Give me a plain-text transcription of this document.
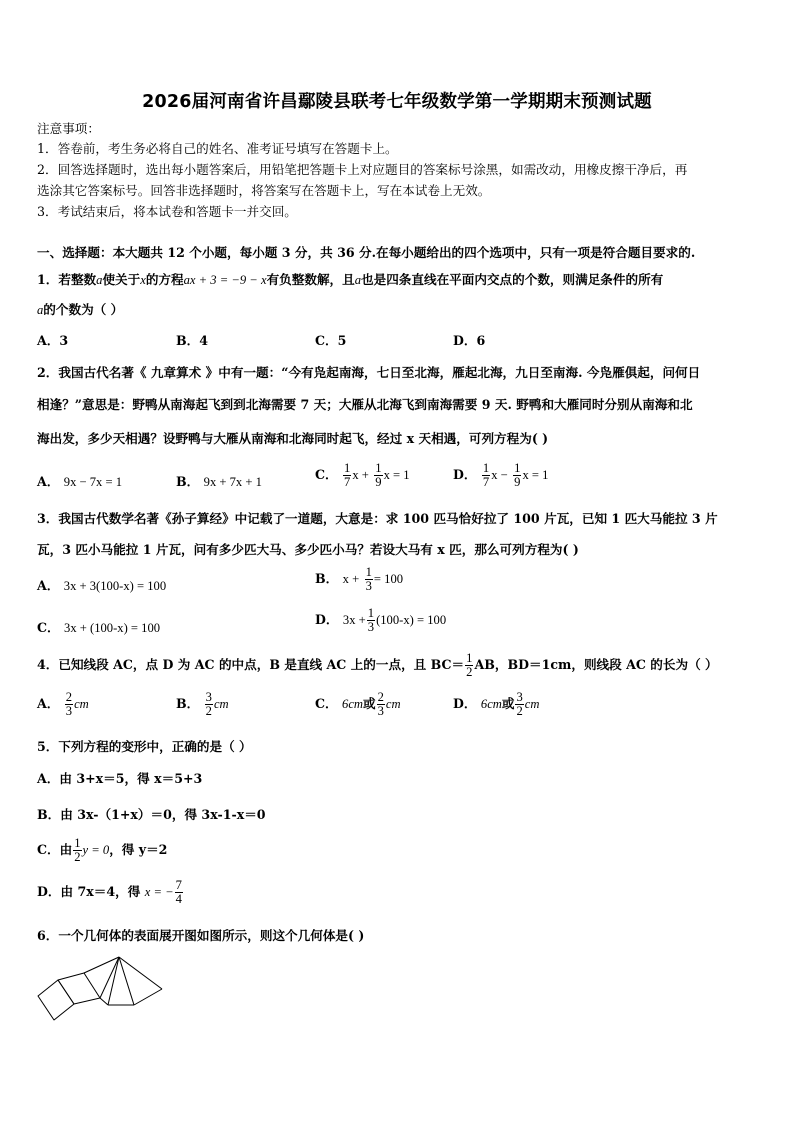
2026届河南省许昌鄢陵县联考七年级数学第一学期期末预测试题
注意事项：
1．答卷前，考生务必将自己的姓名、准考证号填写在答题卡上。
2．回答选择题时，选出每小题答案后，用铅笔把答题卡上对应题目的答案标号涂黑，如需改动，用橡皮擦干净后，再
选涂其它答案标号。回答非选择题时，将答案写在答题卡上，写在本试卷上无效。
3．考试结束后，将本试卷和答题卡一并交回。
一、选择题：本大题共 12 个小题，每小题 3 分，共 36 分.在每小题给出的四个选项中，只有一项是符合题目要求的.
1．若整数a使关于x的方程ax + 3 = −9 − x有负整数解，且a也是四条直线在平面内交点的个数，则满足条件的所有
a的个数为（ ）
A．3	B．4	C．5	D．6
2．我国古代名著《 九章算术 》中有一题：“今有凫起南海，七日至北海，雁起北海，九日至南海. 今凫雁俱起，问何日
相逢？”意思是：野鸭从南海起飞到到北海需要 7 天；大雁从北海飞到南海需要 9 天. 野鸭和大雁同时分别从南海和北
海出发，多少天相遇？设野鸭与大雁从南海和北海同时起飞，经过 x 天相遇，可列方程为( )
A． 9x − 7x = 1	B． 9x + 7x + 1	C． $\frac{1}{7}$ $x + \frac{1}{9}$ x = 1	D． $\frac{1}{7}$ $x - \frac{1}{9}$ x = 1
3．我国古代数学名著《孙子算经》中记载了一道题，大意是：求 100 匹马恰好拉了 100 片瓦，已知 1 匹大马能拉 3 片
瓦，3 匹小马能拉 1 片瓦，问有多少匹大马、多少匹小马？若设大马有 x 匹，那么可列方程为( )
A． 3x + 3(100-x) = 100	B． $x + \frac{1}{3} = 100$
C． 3x + (100-x) = 100
D． $3x + \frac{1}{3} (100-x) = 100$
4．已知线段 AC，点 D 为 AC 的中点，B 是直线 AC 上的一点，且 $BC= \frac{1}{2}$ AB，BD＝1cm，则线段 AC 的长为（ ）
A． $\frac{2}{3}$ cm	B． $\frac{3}{2}$ cm	C． 6cm或 $\frac{2}{3}$ cm	D． 6cm或 $\frac{3}{2}$ cm
5．下列方程的变形中，正确的是（ ）
A．由 3+x＝5，得 x＝5+3
B．由 3x-（1+x）＝0，得 3x-1-x＝0
C．由 $\frac{1}{2}$ y = 0，得 y＝2
D．由 7x＝4，得 x = − $\frac{7}{4}$
6．一个几何体的表面展开图如图所示，则这个几何体是( )
